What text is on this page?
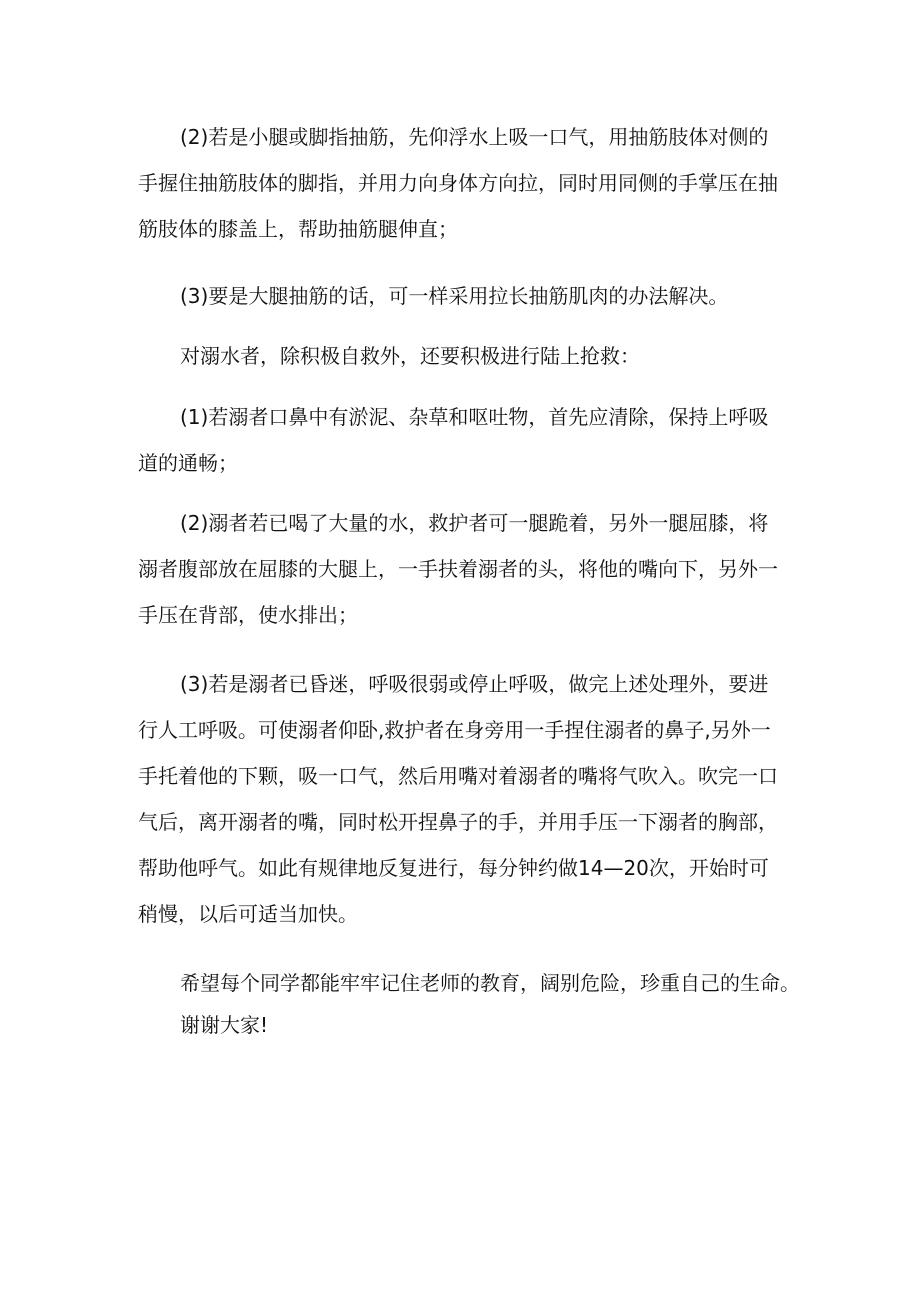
(2)若是小腿或脚指抽筋，先仰浮水上吸一口气，用抽筋肢体对侧的
手握住抽筋肢体的脚指，并用力向身体方向拉，同时用同侧的手掌压在抽
筋肢体的膝盖上，帮助抽筋腿伸直；
(3)要是大腿抽筋的话，可一样采用拉长抽筋肌肉的办法解决。
对溺水者，除积极自救外，还要积极进行陆上抢救：
(1)若溺者口鼻中有淤泥、杂草和呕吐物，首先应清除，保持上呼吸
道的通畅；
(2)溺者若已喝了大量的水，救护者可一腿跪着，另外一腿屈膝，将
溺者腹部放在屈膝的大腿上，一手扶着溺者的头，将他的嘴向下，另外一
手压在背部，使水排出；
(3)若是溺者已昏迷，呼吸很弱或停止呼吸，做完上述处理外，要进
行人工呼吸。可使溺者仰卧,救护者在身旁用一手捏住溺者的鼻子,另外一
手托着他的下颗，吸一口气，然后用嘴对着溺者的嘴将气吹入。吹完一口
气后，离开溺者的嘴，同时松开捏鼻子的手，并用手压一下溺者的胸部，
帮助他呼气。如此有规律地反复进行，每分钟约做14—20次，开始时可
稍慢，以后可适当加快。
希望每个同学都能牢牢记住老师的教育，阔别危险，珍重自己的生命。
谢谢大家!
